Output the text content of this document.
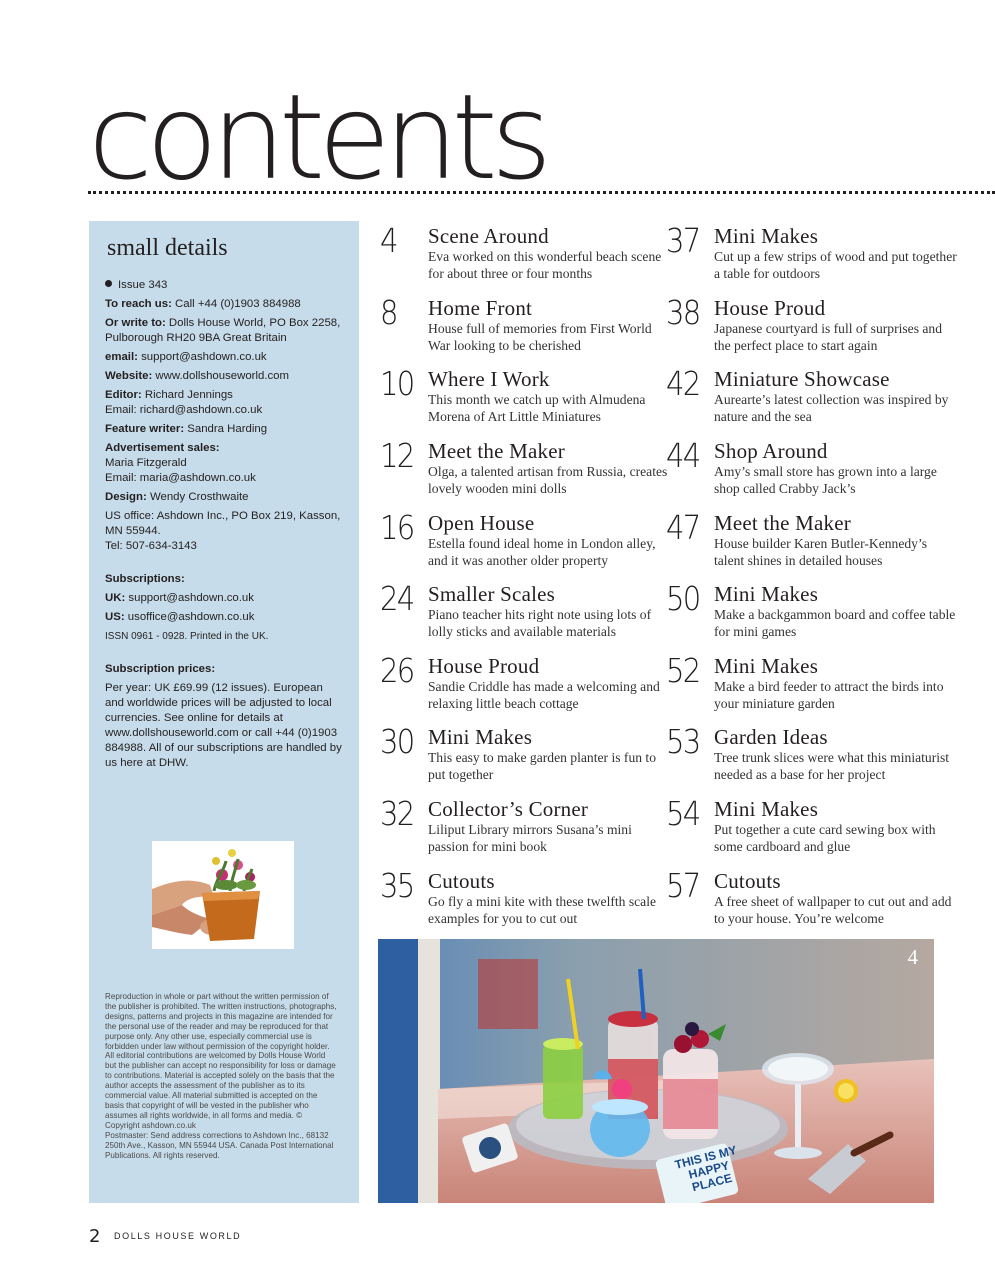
contents
small details

Issue 343

To reach us: Call +44 (0)1903 884988

Or write to: Dolls House World, PO Box 2258, Pulborough RH20 9BA Great Britain

email: support@ashdown.co.uk

Website: www.dollshouseworld.com

Editor: Richard Jennings
Email: richard@ashdown.co.uk

Feature writer: Sandra Harding

Advertisement sales:
Maria Fitzgerald
Email: maria@ashdown.co.uk

Design: Wendy Crosthwaite

US office: Ashdown Inc., PO Box 219, Kasson, MN 55944.
Tel: 507-634-3143

Subscriptions:

UK: support@ashdown.co.uk

US: usoffice@ashdown.co.uk

ISSN 0961 - 0928. Printed in the UK.

Subscription prices:

Per year: UK £69.99 (12 issues). European and worldwide prices will be adjusted to local currencies. See online for details at www.dollshouseworld.com or call +44 (0)1903 884988. All of our subscriptions are handled by us here at DHW.

Reproduction in whole or part without the written permission of the publisher is prohibited. The written instructions, photographs, designs, patterns and projects in this magazine are intended for the personal use of the reader and may be reproduced for that purpose only. Any other use, especially commercial use is forbidden under law without permission of the copyright holder. All editorial contributions are welcomed by Dolls House World but the publisher can accept no responsibility for loss or damage to contributions. Material is accepted solely on the basis that the author accepts the assessment of the publisher as to its commercial value. All material submitted is accepted on the basis that copyright of will be vested in the publisher who assumes all rights worldwide, in all forms and media. © Copyright ashdown.co.uk

Postmaster: Send address corrections to Ashdown Inc., 68132 250th Ave., Kasson, MN 55944 USA. Canada Post International Publications. All rights reserved.

4 Scene Around
Eva worked on this wonderful beach scene for about three or four months
8 Home Front
House full of memories from First World War looking to be cherished
10 Where I Work
This month we catch up with Almudena Morena of Art Little Miniatures
12 Meet the Maker
Olga, a talented artisan from Russia, creates lovely wooden mini dolls
16 Open House
Estella found ideal home in London alley, and it was another older property
24 Smaller Scales
Piano teacher hits right note using lots of lolly sticks and available materials
26 House Proud
Sandie Criddle has made a welcoming and relaxing little beach cottage
30 Mini Makes
This easy to make garden planter is fun to put together
32 Collector’s Corner
Liliput Library mirrors Susana’s mini passion for mini book
35 Cutouts
Go fly a mini kite with these twelfth scale examples for you to cut out
37 Mini Makes
Cut up a few strips of wood and put together a table for outdoors
38 House Proud
Japanese courtyard is full of surprises and the perfect place to start again
42 Miniature Showcase
Aurearte’s latest collection was inspired by nature and the sea
44 Shop Around
Amy’s small store has grown into a large shop called Crabby Jack’s
47 Meet the Maker
House builder Karen Butler-Kennedy’s talent shines in detailed houses
50 Mini Makes
Make a backgammon board and coffee table for mini games
52 Mini Makes
Make a bird feeder to attract the birds into your miniature garden
53 Garden Ideas
Tree trunk slices were what this miniaturist needed as a base for her project
54 Mini Makes
Put together a cute card sewing box with some cardboard and glue
57 Cutouts
A free sheet of wallpaper to cut out and add to your house. You’re welcome
THIS IS MY HAPPY PLACE
4
2 DOLLS HOUSE WORLD
